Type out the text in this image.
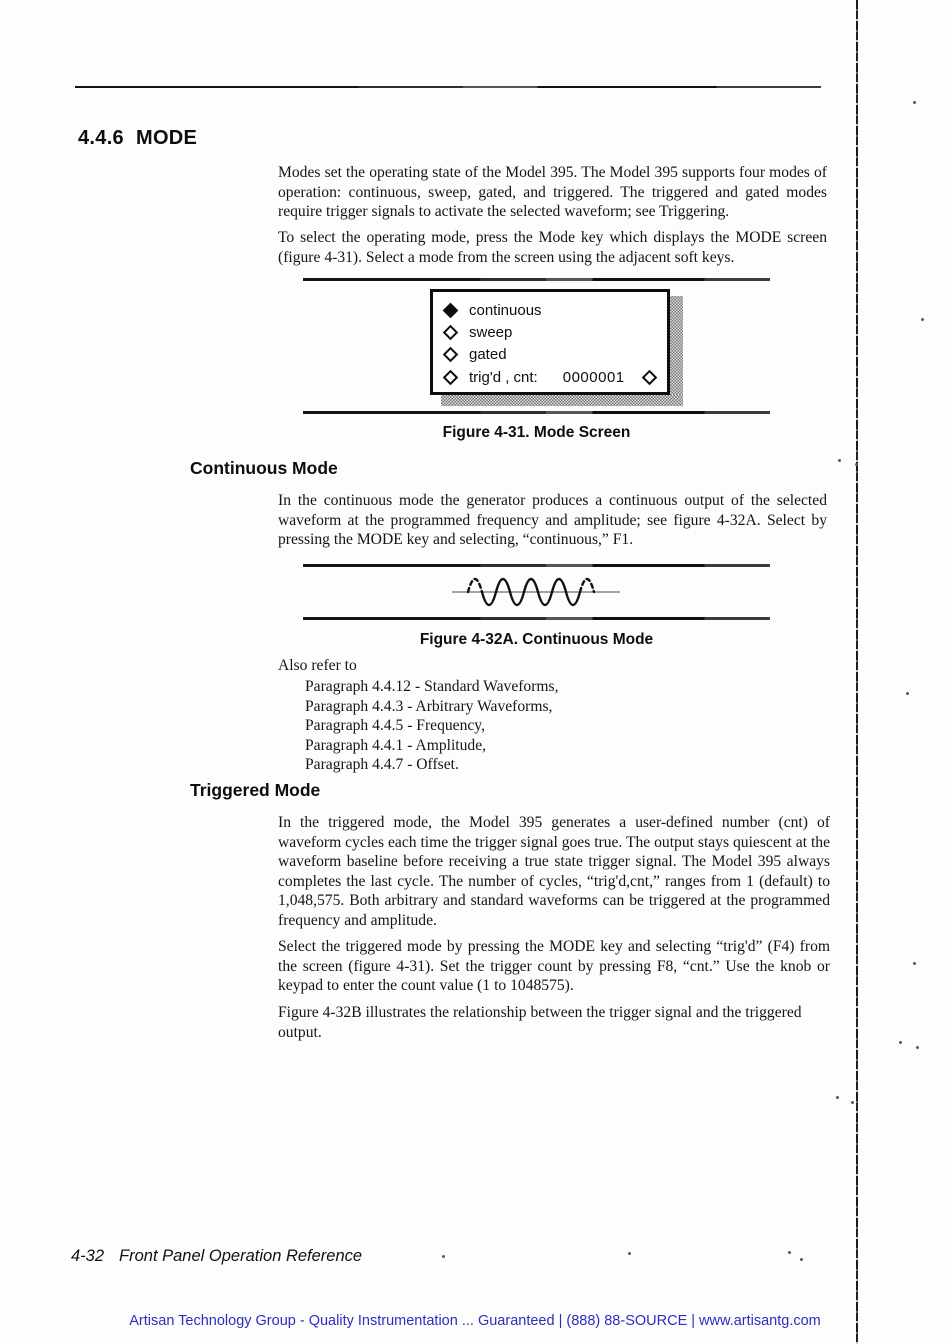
4.4.6 MODE

Modes set the operating state of the Model 395. The Model 395 supports four modes of operation: continuous, sweep, gated, and triggered. The triggered and gated modes require trigger signals to activate the selected waveform; see Triggering.

To select the operating mode, press the Mode key which displays the MODE screen (figure 4-31). Select a mode from the screen using the adjacent soft keys.

continuous
sweep
gated
trig'd , cnt: 0000001
Figure 4-31. Mode Screen
Continuous Mode

In the continuous mode the generator produces a continuous output of the selected waveform at the programmed frequency and amplitude; see figure 4-32A. Select by pressing the MODE key and selecting, “continuous,” F1.

Figure 4-32A. Continuous Mode
Also refer to
Paragraph 4.4.12 - Standard Waveforms,
Paragraph 4.4.3 - Arbitrary Waveforms,
Paragraph 4.4.5 - Frequency,
Paragraph 4.4.1 - Amplitude,
Paragraph 4.4.7 - Offset.
Triggered Mode

In the triggered mode, the Model 395 generates a user-defined number (cnt) of waveform cycles each time the trigger signal goes true. The output stays quiescent at the waveform baseline before receiving a true state trigger signal. The Model 395 always completes the last cycle. The number of cycles, “trig'd,cnt,” ranges from 1 (default) to 1,048,575. Both arbitrary and standard waveforms can be triggered at the programmed frequency and amplitude.

Select the triggered mode by pressing the MODE key and selecting “trig'd” (F4) from the screen (figure 4-31). Set the trigger count by pressing F8, “cnt.” Use the knob or keypad to enter the count value (1 to 1048575).

Figure 4-32B illustrates the relationship between the trigger signal and the triggered output.

4-32 Front Panel Operation Reference
Artisan Technology Group - Quality Instrumentation ... Guaranteed | (888) 88-SOURCE | www.artisantg.com
